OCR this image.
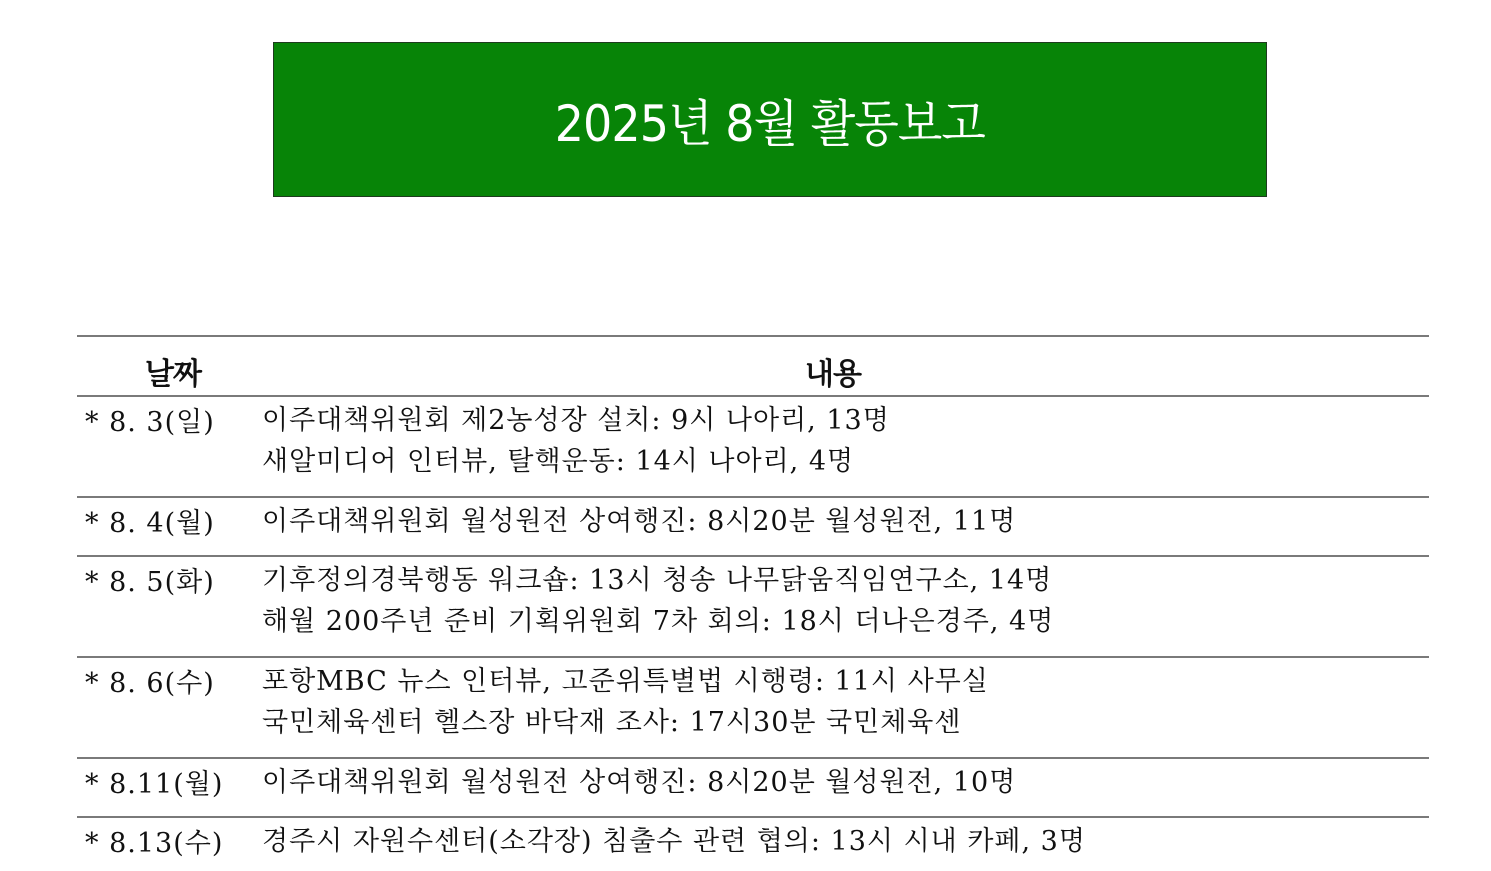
2025년 8월 활동보고
날짜	내용
* 8. 3(일) 이주대책위원회 제2농성장 설치: 9시 나아리, 13명
새알미디어 인터뷰, 탈핵운동: 14시 나아리, 4명
* 8. 4(월) 이주대책위원회 월성원전 상여행진: 8시20분 월성원전, 11명
* 8. 5(화) 기후정의경북행동 워크숍: 13시 청송 나무닭움직임연구소, 14명
해월 200주년 준비 기획위원회 7차 회의: 18시 더나은경주, 4명
* 8. 6(수) 포항MBC 뉴스 인터뷰, 고준위특별법 시행령: 11시 사무실
국민체육센터 헬스장 바닥재 조사: 17시30분 국민체육센
* 8.11(월) 이주대책위원회 월성원전 상여행진: 8시20분 월성원전, 10명
* 8.13(수) 경주시 자원수센터(소각장) 침출수 관련 협의: 13시 시내 카페, 3명
